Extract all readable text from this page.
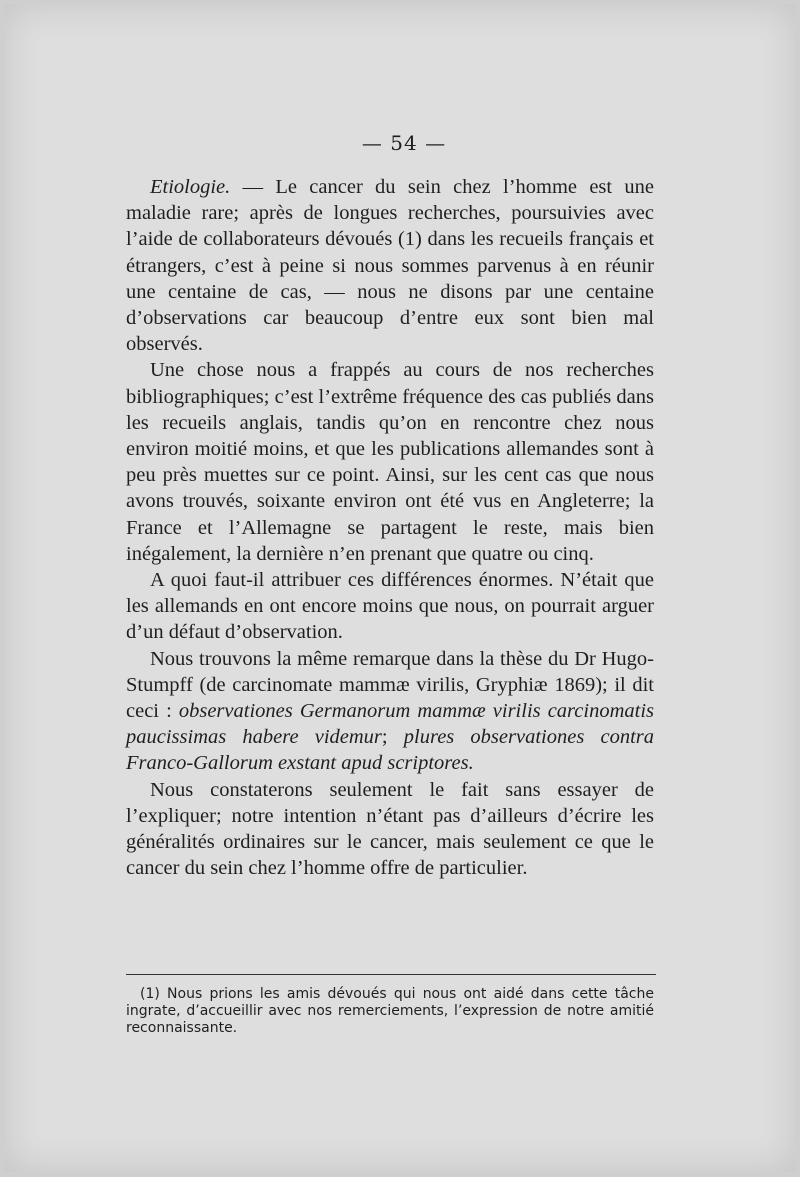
— 54 —

Etiologie. — Le cancer du sein chez l’homme est une maladie rare; après de longues recherches, poursuivies avec l’aide de collaborateurs dévoués (1) dans les recueils français et étrangers, c’est à peine si nous sommes parvenus à en réunir une centaine de cas, — nous ne disons par une centaine d’observations car beaucoup d’entre eux sont bien mal observés.

Une chose nous a frappés au cours de nos recherches bibliographiques; c’est l’extrême fréquence des cas publiés dans les recueils anglais, tandis qu’on en rencontre chez nous environ moitié moins, et que les publications allemandes sont à peu près muettes sur ce point. Ainsi, sur les cent cas que nous avons trouvés, soixante environ ont été vus en Angleterre; la France et l’Allemagne se partagent le reste, mais bien inégalement, la dernière n’en prenant que quatre ou cinq.

A quoi faut-il attribuer ces différences énormes. N’était que les allemands en ont encore moins que nous, on pourrait arguer d’un défaut d’observation.

Nous trouvons la même remarque dans la thèse du Dr Hugo-Stumpff (de carcinomate mammæ virilis, Gryphiæ 1869); il dit ceci : observationes Germanorum mammæ virilis carcinomatis paucissimas habere videmur; plures observationes contra Franco-Gallorum exstant apud scriptores.

Nous constaterons seulement le fait sans essayer de l’expliquer; notre intention n’étant pas d’ailleurs d’écrire les généralités ordinaires sur le cancer, mais seulement ce que le cancer du sein chez l’homme offre de particulier.

(1) Nous prions les amis dévoués qui nous ont aidé dans cette tâche ingrate, d’accueillir avec nos remerciements, l’expression de notre amitié reconnaissante.
